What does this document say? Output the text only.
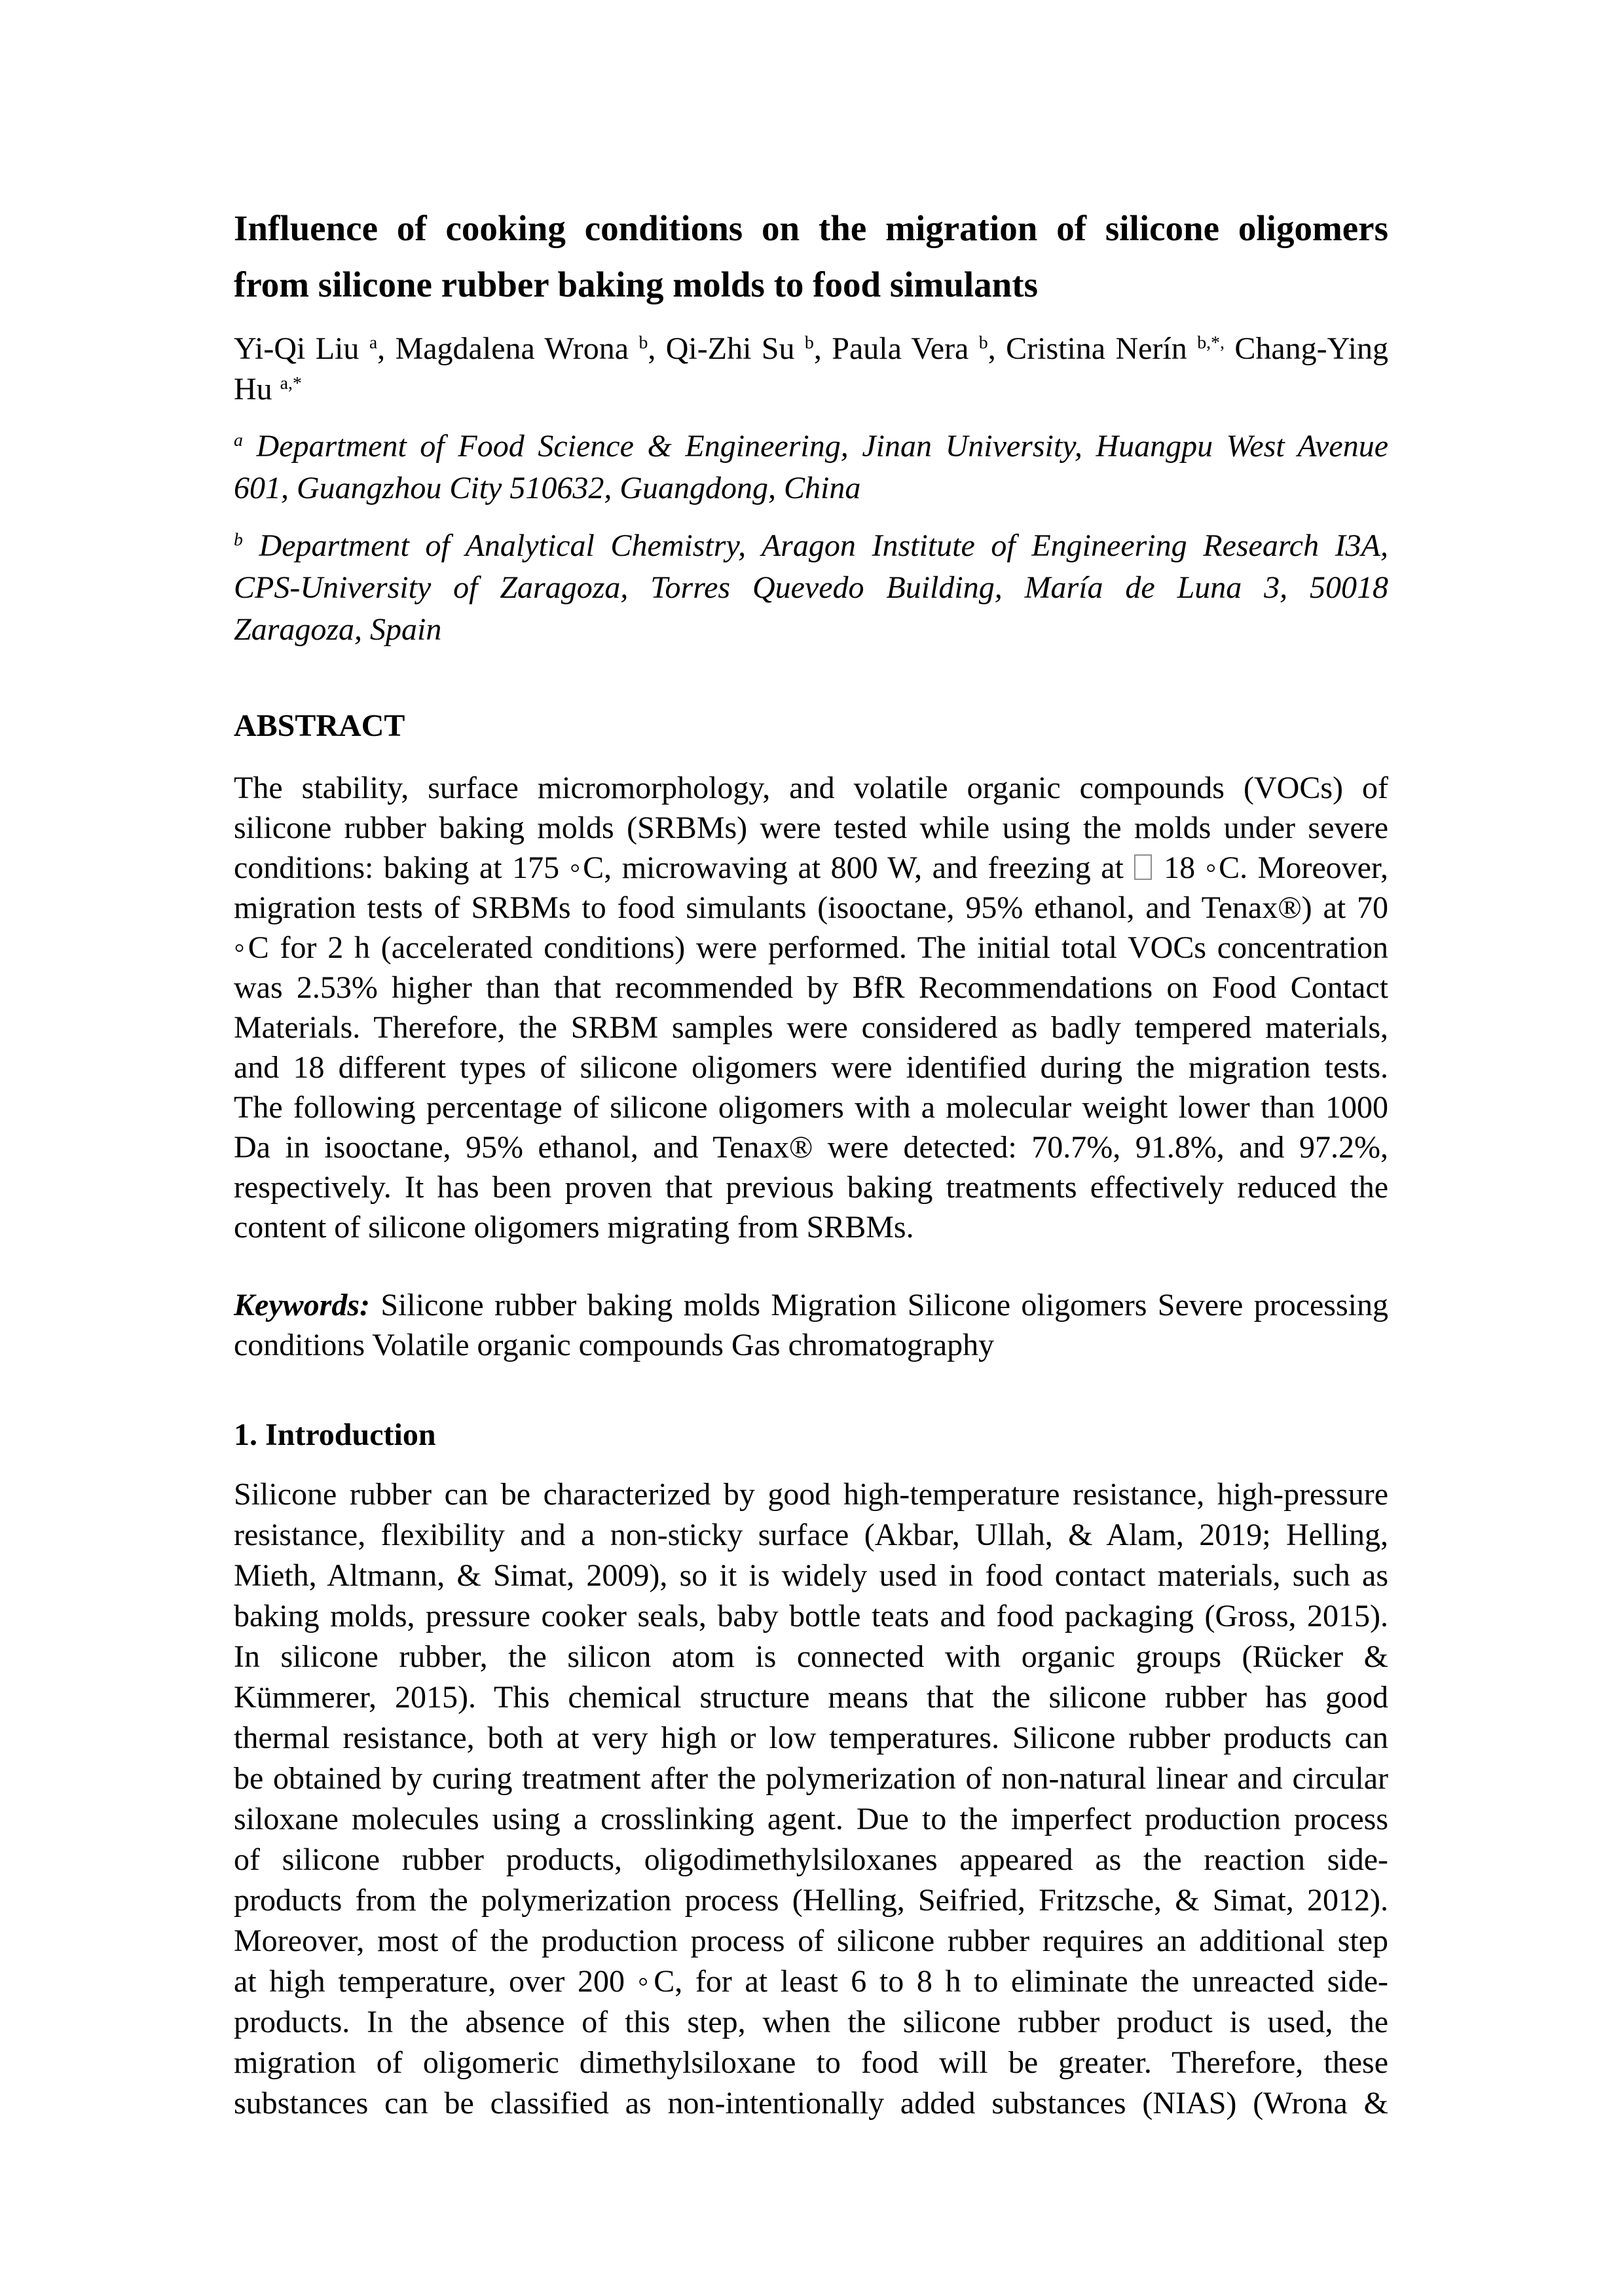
Influence of cooking conditions on the migration of silicone oligomers
from silicone rubber baking molds to food simulants
Yi-Qi Liu $^a$, Magdalena Wrona $^b$, Qi-Zhi Su $^b$, Paula Vera $^b$, Cristina Nerín $^{b,*,}$ Chang-Ying
Hu $^{a,*}$
$^a$ Department of Food Science & Engineering, Jinan University, Huangpu West Avenue
601, Guangzhou City 510632, Guangdong, China
$^b$ Department of Analytical Chemistry, Aragon Institute of Engineering Research I3A,
CPS-University of Zaragoza, Torres Quevedo Building, María de Luna 3, 50018
Zaragoza, Spain
ABSTRACT
The stability, surface micromorphology, and volatile organic compounds (VOCs) of
silicone rubber baking molds (SRBMs) were tested while using the molds under severe
conditions: baking at 175 ◦C, microwaving at 800 W, and freezing at  18 ◦C. Moreover,
migration tests of SRBMs to food simulants (isooctane, 95% ethanol, and Tenax®) at 70
◦C for 2 h (accelerated conditions) were performed. The initial total VOCs concentration
was 2.53% higher than that recommended by BfR Recommendations on Food Contact
Materials. Therefore, the SRBM samples were considered as badly tempered materials,
and 18 different types of silicone oligomers were identified during the migration tests.
The following percentage of silicone oligomers with a molecular weight lower than 1000
Da in isooctane, 95% ethanol, and Tenax® were detected: 70.7%, 91.8%, and 97.2%,
respectively. It has been proven that previous baking treatments effectively reduced the
content of silicone oligomers migrating from SRBMs.
Keywords: Silicone rubber baking molds Migration Silicone oligomers Severe processing
conditions Volatile organic compounds Gas chromatography
1. Introduction
Silicone rubber can be characterized by good high-temperature resistance, high-pressure
resistance, flexibility and a non-sticky surface (Akbar, Ullah, & Alam, 2019; Helling,
Mieth, Altmann, & Simat, 2009), so it is widely used in food contact materials, such as
baking molds, pressure cooker seals, baby bottle teats and food packaging (Gross, 2015).
In silicone rubber, the silicon atom is connected with organic groups (Rücker &
Kümmerer, 2015). This chemical structure means that the silicone rubber has good
thermal resistance, both at very high or low temperatures. Silicone rubber products can
be obtained by curing treatment after the polymerization of non-natural linear and circular
siloxane molecules using a crosslinking agent. Due to the imperfect production process
of silicone rubber products, oligodimethylsiloxanes appeared as the reaction side-
products from the polymerization process (Helling, Seifried, Fritzsche, & Simat, 2012).
Moreover, most of the production process of silicone rubber requires an additional step
at high temperature, over 200 ◦C, for at least 6 to 8 h to eliminate the unreacted side-
products. In the absence of this step, when the silicone rubber product is used, the
migration of oligomeric dimethylsiloxane to food will be greater. Therefore, these
substances can be classified as non-intentionally added substances (NIAS) (Wrona &
